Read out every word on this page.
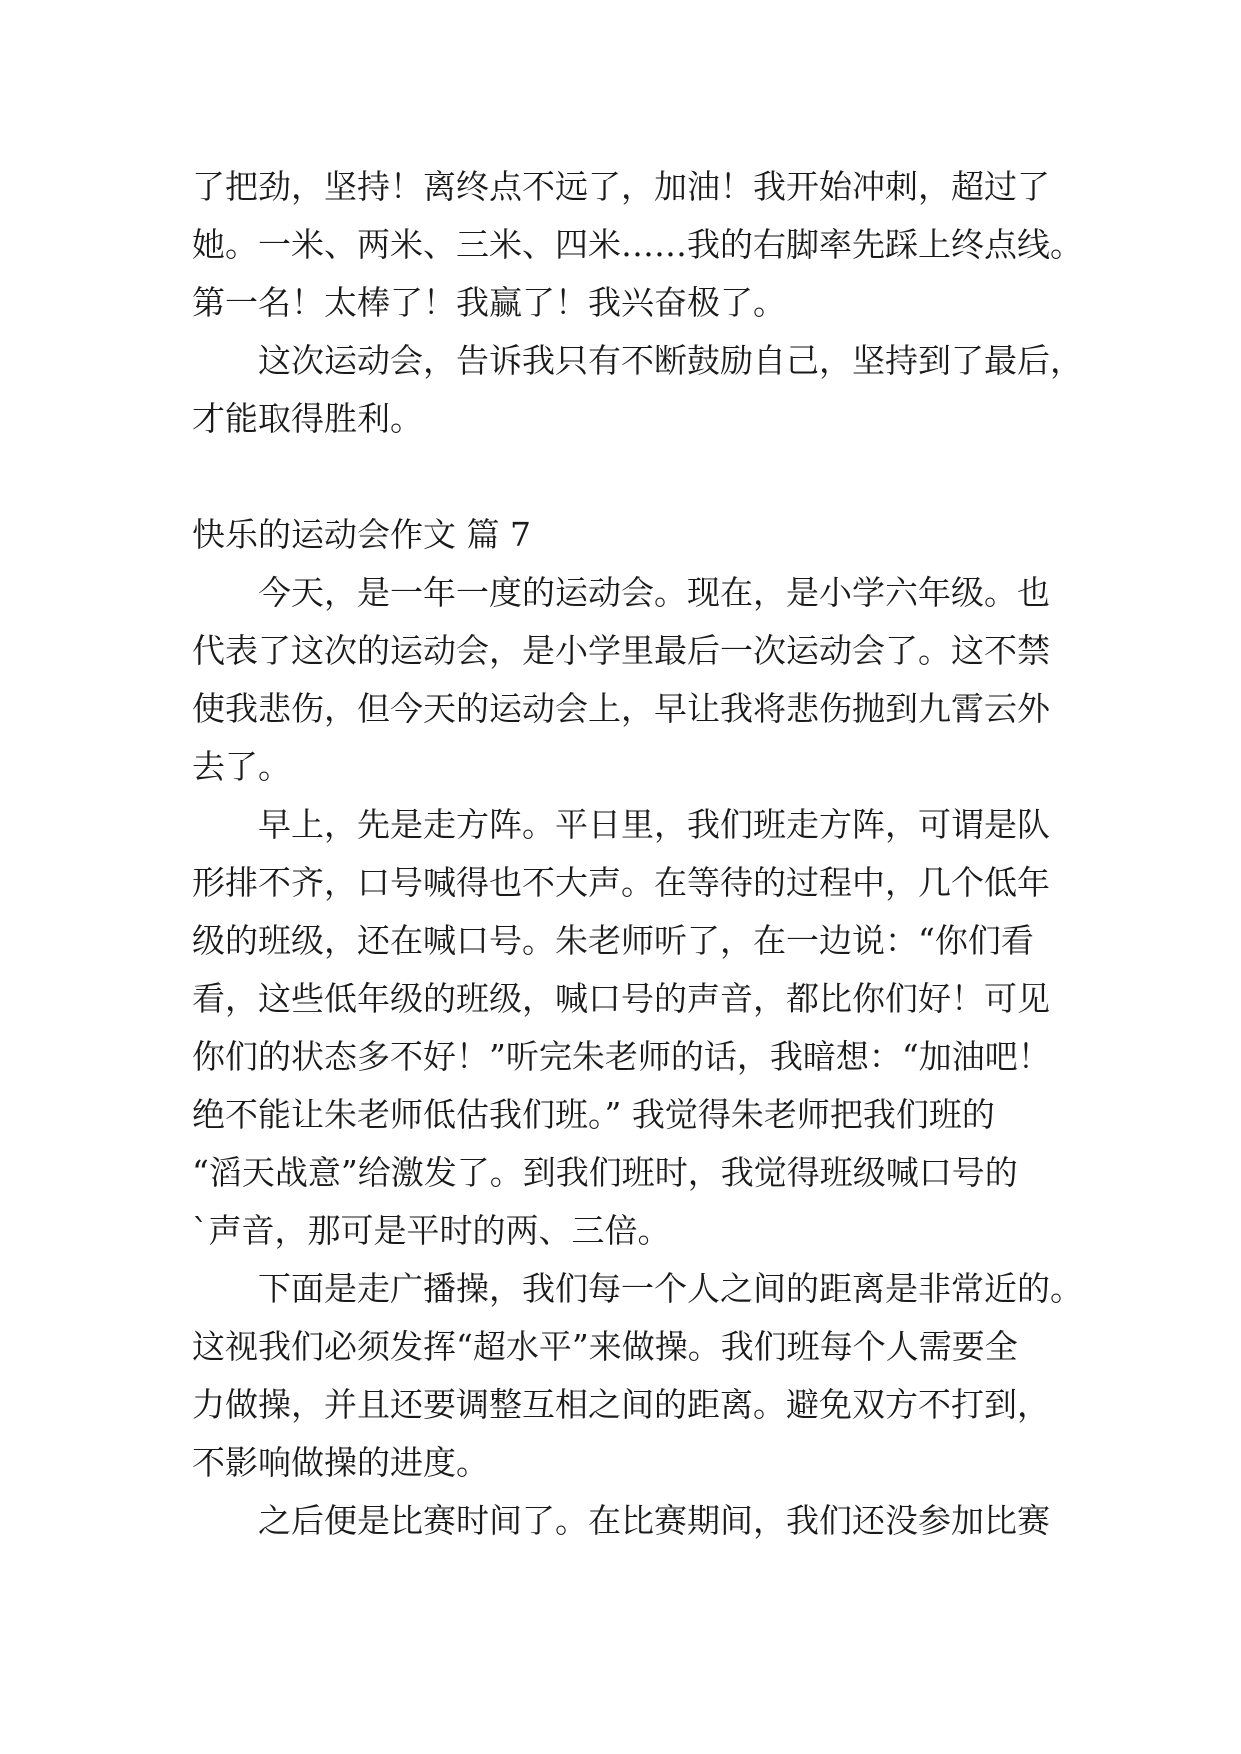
了把劲，坚持！离终点不远了，加油！我开始冲刺，超过了
她。一米、两米、三米、四米……我的右脚率先踩上终点线。
第一名！太棒了！我赢了！我兴奋极了。
这次运动会，告诉我只有不断鼓励自己，坚持到了最后，
才能取得胜利。
快乐的运动会作文 篇 7
今天，是一年一度的运动会。现在，是小学六年级。也
代表了这次的运动会，是小学里最后一次运动会了。这不禁
使我悲伤，但今天的运动会上，早让我将悲伤抛到九霄云外
去了。
早上，先是走方阵。平日里，我们班走方阵，可谓是队
形排不齐，口号喊得也不大声。在等待的过程中，几个低年
级的班级，还在喊口号。朱老师听了，在一边说：“你们看
看，这些低年级的班级，喊口号的声音，都比你们好！可见
你们的状态多不好！”听完朱老师的话，我暗想：“加油吧！
绝不能让朱老师低估我们班。” 我觉得朱老师把我们班的
“滔天战意”给激发了。到我们班时，我觉得班级喊口号的
`声音，那可是平时的两、三倍。
下面是走广播操，我们每一个人之间的距离是非常近的。
这视我们必须发挥“超水平”来做操。我们班每个人需要全
力做操，并且还要调整互相之间的距离。避免双方不打到，
不影响做操的进度。
之后便是比赛时间了。在比赛期间，我们还没参加比赛
